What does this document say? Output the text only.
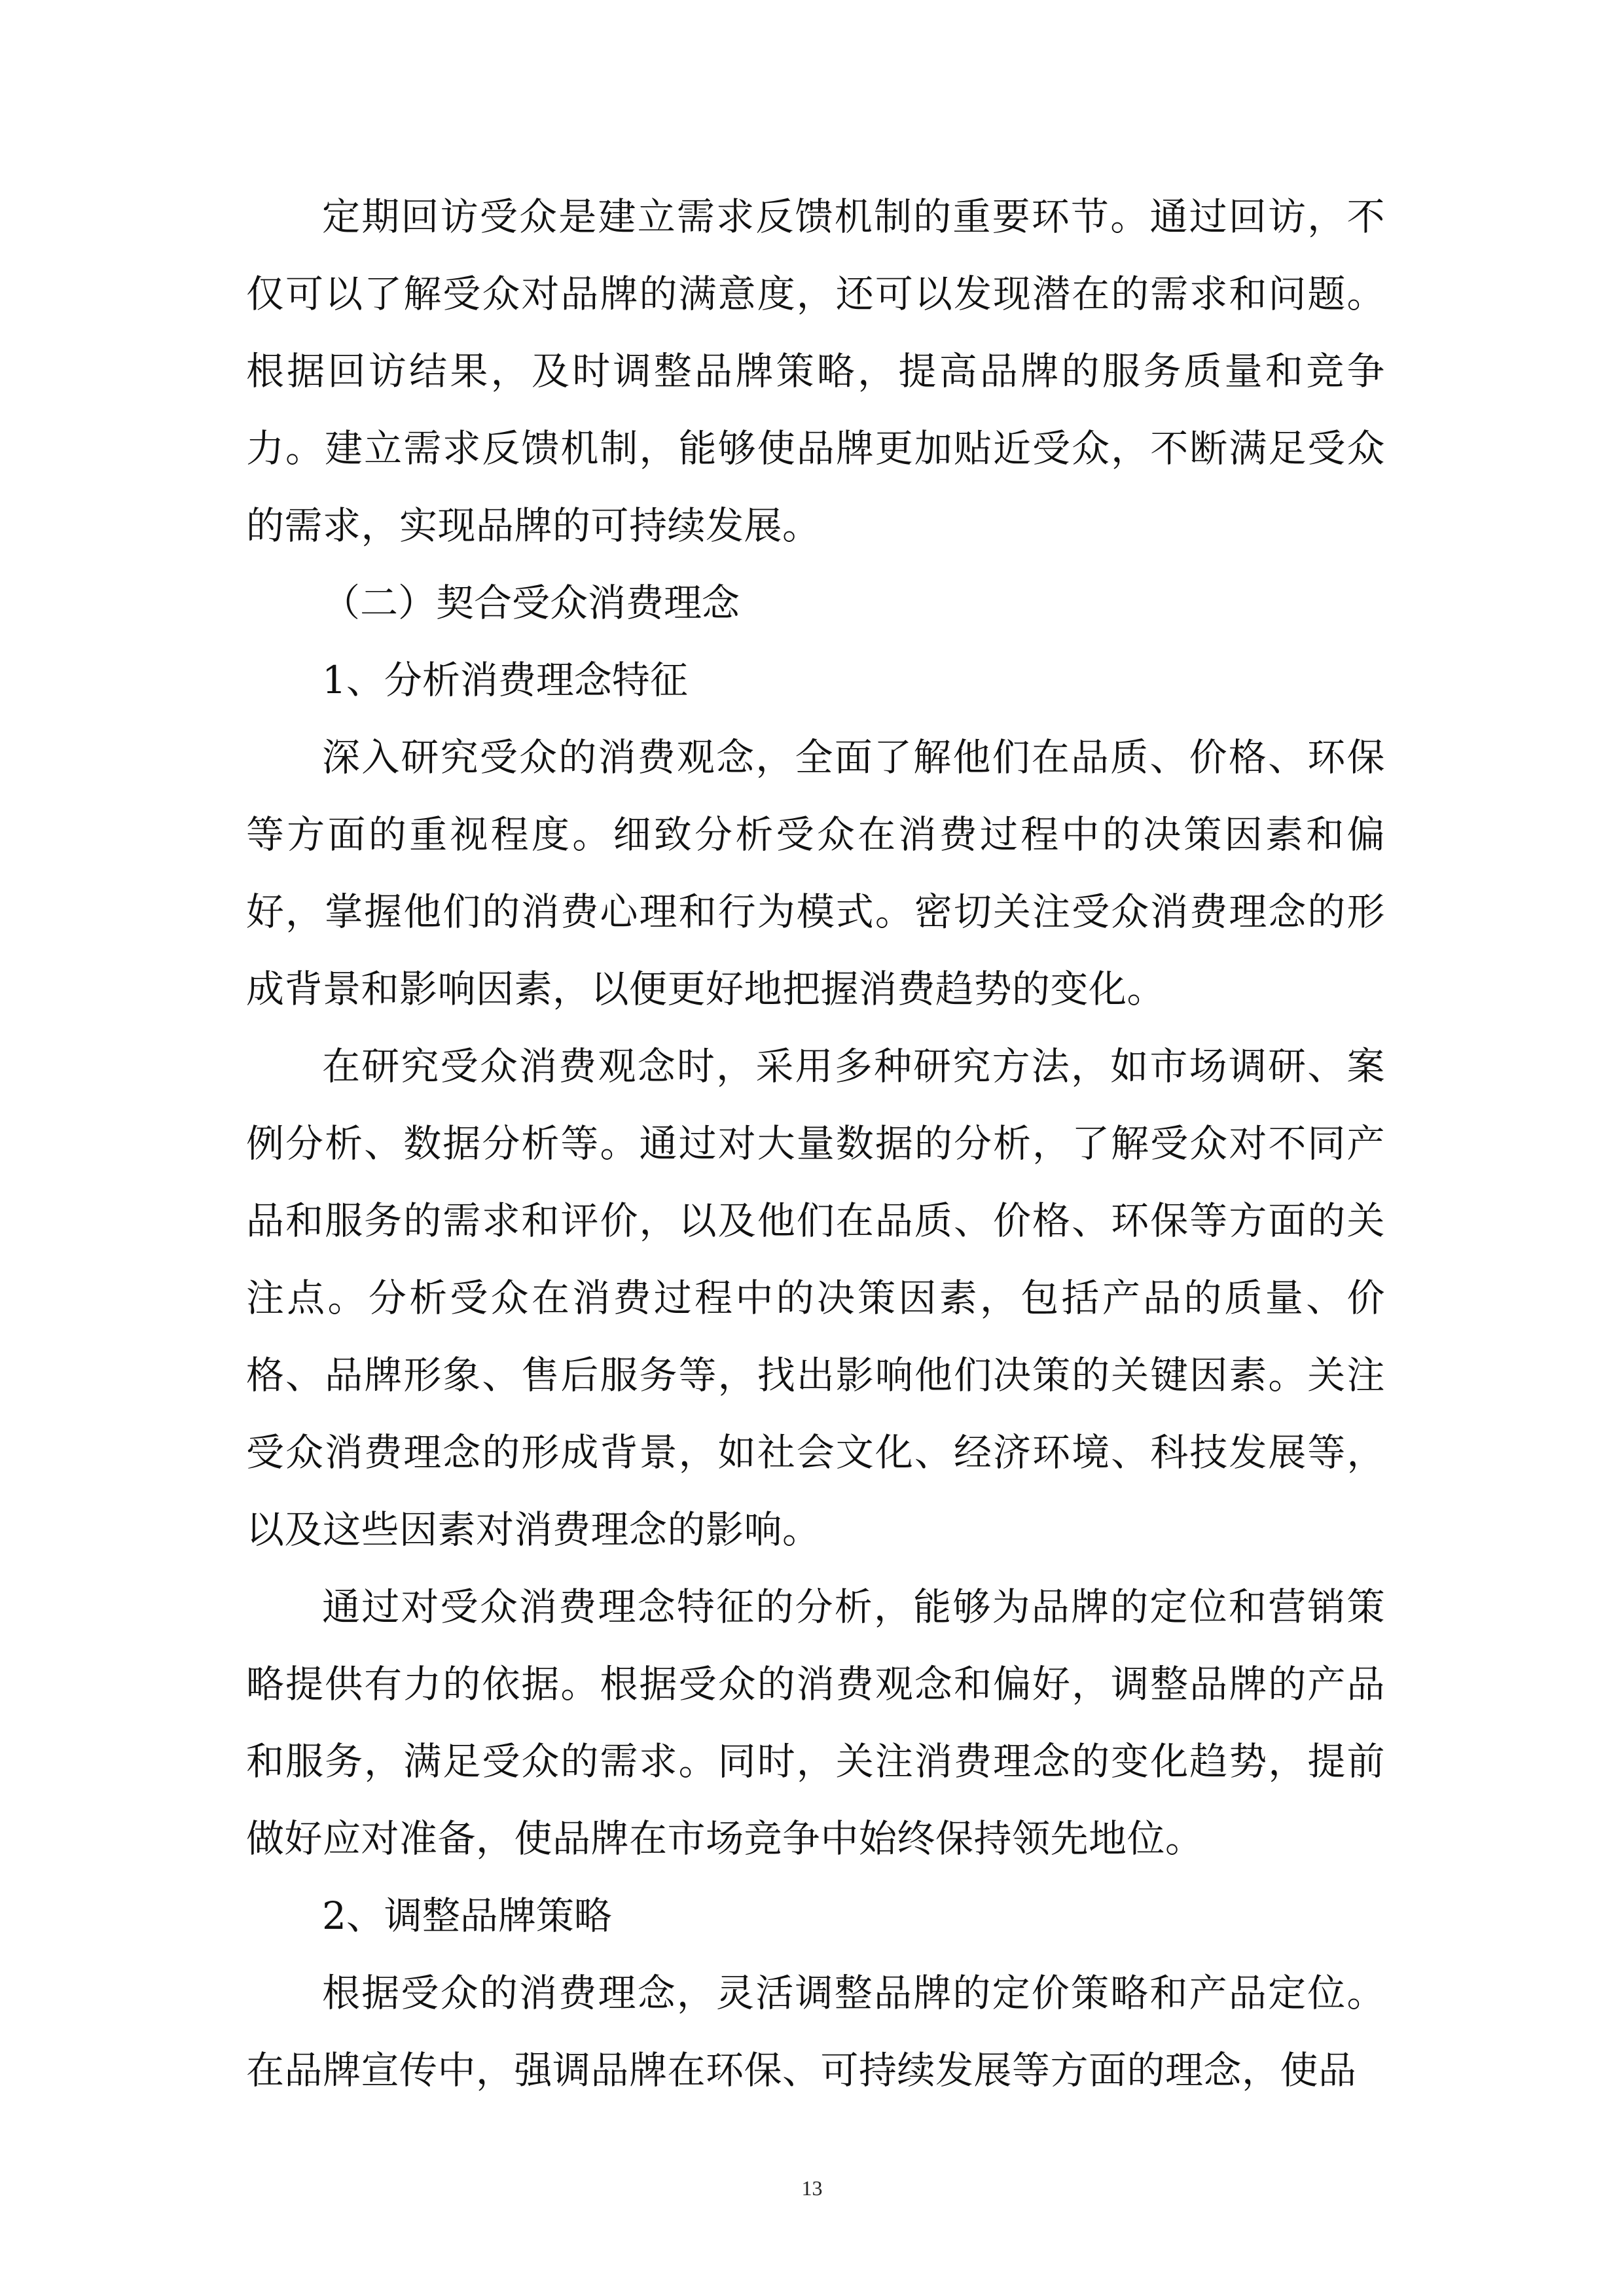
定期回访受众是建立需求反馈机制的重要环节。通过回访，不仅可以了解受众对品牌的满意度，还可以发现潜在的需求和问题。根据回访结果，及时调整品牌策略，提高品牌的服务质量和竞争力。建立需求反馈机制，能够使品牌更加贴近受众，不断满足受众的需求，实现品牌的可持续发展。

（二）契合受众消费理念

1、分析消费理念特征

深入研究受众的消费观念，全面了解他们在品质、价格、环保等方面的重视程度。细致分析受众在消费过程中的决策因素和偏好，掌握他们的消费心理和行为模式。密切关注受众消费理念的形成背景和影响因素，以便更好地把握消费趋势的变化。

在研究受众消费观念时，采用多种研究方法，如市场调研、案例分析、数据分析等。通过对大量数据的分析，了解受众对不同产品和服务的需求和评价，以及他们在品质、价格、环保等方面的关注点。分析受众在消费过程中的决策因素，包括产品的质量、价格、品牌形象、售后服务等，找出影响他们决策的关键因素。关注受众消费理念的形成背景，如社会文化、经济环境、科技发展等，以及这些因素对消费理念的影响。

通过对受众消费理念特征的分析，能够为品牌的定位和营销策略提供有力的依据。根据受众的消费观念和偏好，调整品牌的产品和服务，满足受众的需求。同时，关注消费理念的变化趋势，提前做好应对准备，使品牌在市场竞争中始终保持领先地位。

2、调整品牌策略

根据受众的消费理念，灵活调整品牌的定价策略和产品定位。在品牌宣传中，强调品牌在环保、可持续发展等方面的理念，使品

13
